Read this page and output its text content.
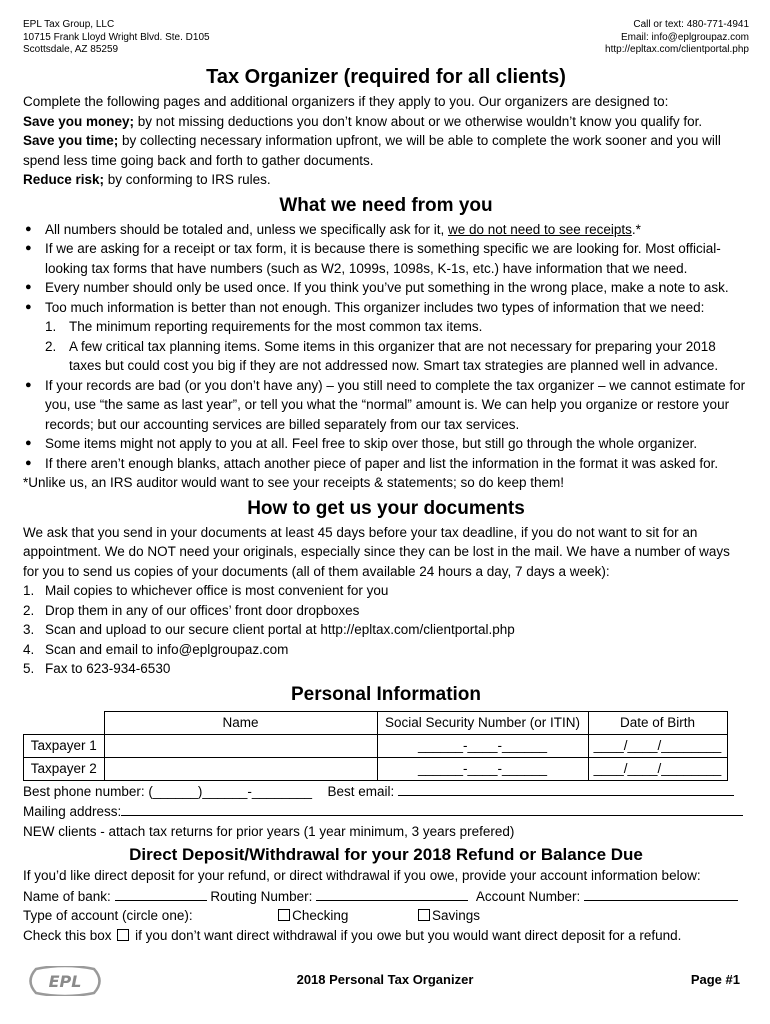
EPL Tax Group, LLC
10715 Frank Lloyd Wright Blvd. Ste. D105
Scottsdale, AZ 85259
Call or text: 480-771-4941
Email: info@eplgroupaz.com
http://epltax.com/clientportal.php
Tax Organizer (required for all clients)

Complete the following pages and additional organizers if they apply to you. Our organizers are designed to:

Save you money; by not missing deductions you don’t know about or we otherwise wouldn’t know you qualify for.

Save you time; by collecting necessary information upfront, we will be able to complete the work sooner and you will spend less time going back and forth to gather documents.

Reduce risk; by conforming to IRS rules.

What we need from you
● All numbers should be totaled and, unless we specifically ask for it, we do not need to see receipts.*
● If we are asking for a receipt or tax form, it is because there is something specific we are looking for. Most official-looking tax forms that have numbers (such as W2, 1099s, 1098s, K-1s, etc.) have information that we need.
● Every number should only be used once. If you think you’ve put something in the wrong place, make a note to ask.
● Too much information is better than not enough. This organizer includes two types of information that we need:
1. The minimum reporting requirements for the most common tax items.
2. A few critical tax planning items. Some items in this organizer that are not necessary for preparing your 2018 taxes but could cost you big if they are not addressed now. Smart tax strategies are planned well in advance.
● If your records are bad (or you don’t have any) – you still need to complete the tax organizer – we cannot estimate for you, use “the same as last year”, or tell you what the “normal” amount is. We can help you organize or restore your records; but our accounting services are billed separately from our tax services.
● Some items might not apply to you at all. Feel free to skip over those, but still go through the whole organizer.
● If there aren’t enough blanks, attach another piece of paper and list the information in the format it was asked for.

*Unlike us, an IRS auditor would want to see your receipts & statements; so do keep them!

How to get us your documents

We ask that you send in your documents at least 45 days before your tax deadline, if you do not want to sit for an appointment. We do NOT need your originals, especially since they can be lost in the mail. We have a number of ways for you to send us copies of your documents (all of them available 24 hours a day, 7 days a week):

1. Mail copies to whichever office is most convenient for you
2. Drop them in any of our offices’ front door dropboxes
3. Scan and upload to our secure client portal at http://epltax.com/clientportal.php
4. Scan and email to info@eplgroupaz.com
5. Fax to 623-934-6530
Personal Information
	Name	Social Security Number (or ITIN)	Date of Birth
Taxpayer 1		______-____-______	____/____/________
Taxpayer 2		______-____-______	____/____/________
Best phone number: (______)______-________ Best email:
Mailing address:

NEW clients - attach tax returns for prior years (1 year minimum, 3 years prefered)

Direct Deposit/Withdrawal for your 2018 Refund or Balance Due

If you’d like direct deposit for your refund, or direct withdrawal if you owe, provide your account information below:

Name of bank:	Routing Number:	Account Number:
Type of account (circle one):	Checking	Savings
Check this box if you don’t want direct withdrawal if you owe but you would want direct deposit for a refund.
EPL	2018 Personal Tax Organizer	Page #1
